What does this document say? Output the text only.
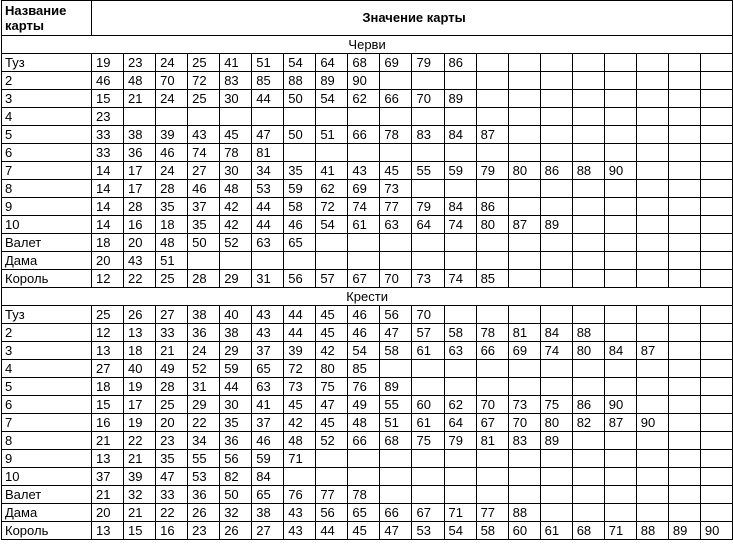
Название карты	Значение карты																			
Черви																				
Туз	19	23	24	25	41	51	54	64	68	69	79	86								
2	46	48	70	72	83	85	88	89	90											
3	15	21	24	25	30	44	50	54	62	66	70	89								
4	23																			
5	33	38	39	43	45	47	50	51	66	78	83	84	87							
6	33	36	46	74	78	81														
7	14	17	24	27	30	34	35	41	43	45	55	59	79	80	86	88	90			
8	14	17	28	46	48	53	59	62	69	73										
9	14	28	35	37	42	44	58	72	74	77	79	84	86							
10	14	16	18	35	42	44	46	54	61	63	64	74	80	87	89					
Валет	18	20	48	50	52	63	65													
Дама	20	43	51																	
Король	12	22	25	28	29	31	56	57	67	70	73	74	85							
Крести																				
Туз	25	26	27	38	40	43	44	45	46	56	70									
2	12	13	33	36	38	43	44	45	46	47	57	58	78	81	84	88				
3	13	18	21	24	29	37	39	42	54	58	61	63	66	69	74	80	84	87		
4	27	40	49	52	59	65	72	80	85											
5	18	19	28	31	44	63	73	75	76	89										
6	15	17	25	29	30	41	45	47	49	55	60	62	70	73	75	86	90			
7	16	19	20	22	35	37	42	45	48	51	61	64	67	70	80	82	87	90		
8	21	22	23	34	36	46	48	52	66	68	75	79	81	83	89					
9	13	21	35	55	56	59	71													
10	37	39	47	53	82	84														
Валет	21	32	33	36	50	65	76	77	78											
Дама	20	21	22	26	32	38	43	56	65	66	67	71	77	88						
Король	13	15	16	23	26	27	43	44	45	47	53	54	58	60	61	68	71	88	89	90
